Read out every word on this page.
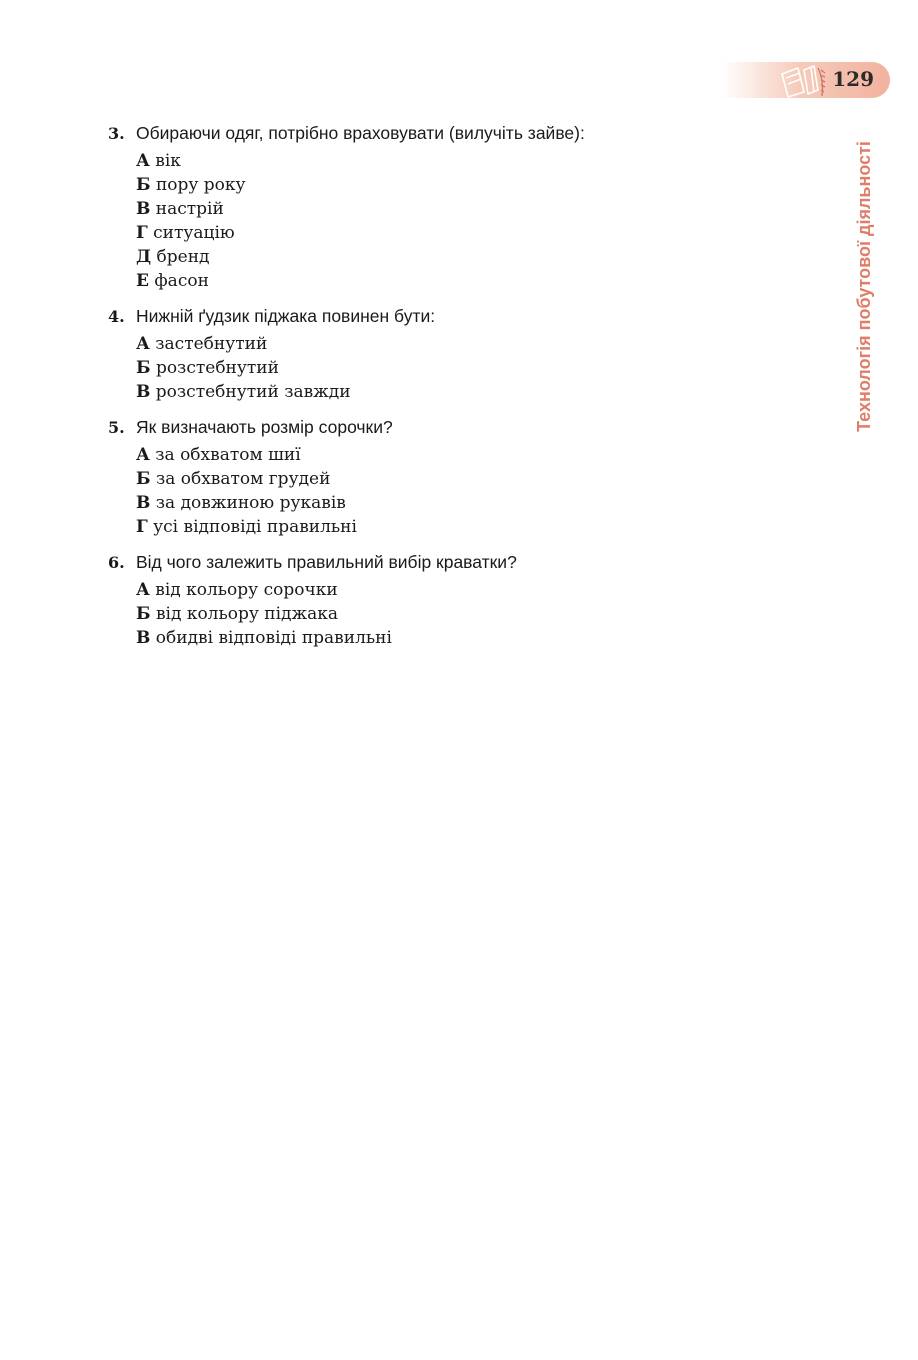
129
Технологія побутової діяльності
3. Обираючи одяг, потрібно враховувати (вилучіть зайве):
А вік
Б пору року
В настрій
Г ситуацію
Д бренд
Е фасон
4. Нижній ґудзик піджака повинен бути:
А застебнутий
Б розстебнутий
В розстебнутий завжди
5. Як визначають розмір сорочки?
А за обхватом шиї
Б за обхватом грудей
В за довжиною рукавів
Г усі відповіді правильні
6. Від чого залежить правильний вибір краватки?
А від кольору сорочки
Б від кольору піджака
В обидві відповіді правильні
